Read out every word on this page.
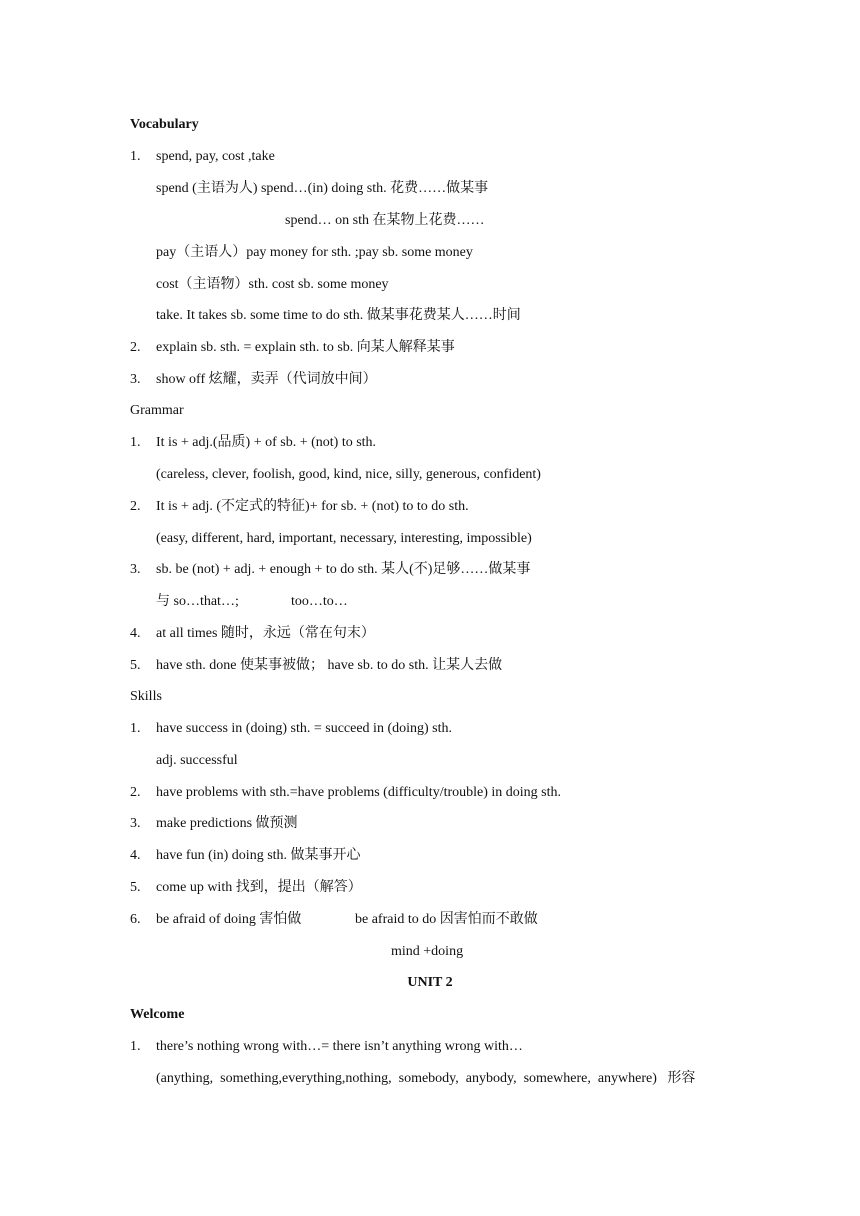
Vocabulary
1.	spend, pay, cost ,take
spend (主语为人) spend…(in) doing sth. 花费……做某事
spend… on sth 在某物上花费……
pay（主语人）pay money for sth. ;pay sb. some money
cost（主语物）sth. cost sb. some money
take. It takes sb. some time to do sth. 做某事花费某人……时间
2.	explain sb. sth. = explain sth. to sb. 向某人解释某事
3.	show off 炫耀，卖弄（代词放中间）
Grammar
1.	It is + adj.(品质) + of sb. + (not) to sth.
(careless, clever, foolish, good, kind, nice, silly, generous, confident)
2.	It is + adj. (不定式的特征)+ for sb. + (not) to to do sth.
(easy, different, hard, important, necessary, interesting, impossible)
3.	sb. be (not) + adj. + enough + to do sth. 某人(不)足够……做某事
与 so…that…;	too…to…
4.	at all times 随时，永远（常在句末）
5.	have sth. done 使某事被做； have sb. to do sth. 让某人去做
Skills
1.	have success in (doing) sth. = succeed in (doing) sth.
adj. successful
2.	have problems with sth.=have problems (difficulty/trouble) in doing sth.
3.	make predictions 做预测
4.	have fun (in) doing sth. 做某事开心
5.	come up with 找到，提出（解答）
6.	be afraid of doing 害怕做	be afraid to do 因害怕而不敢做
mind +doing
UNIT 2
Welcome
1.	there’s nothing wrong with…= there isn’t anything wrong with…
(anything,  something,everything,nothing,  somebody,  anybody,  somewhere,  anywhere)   形容
